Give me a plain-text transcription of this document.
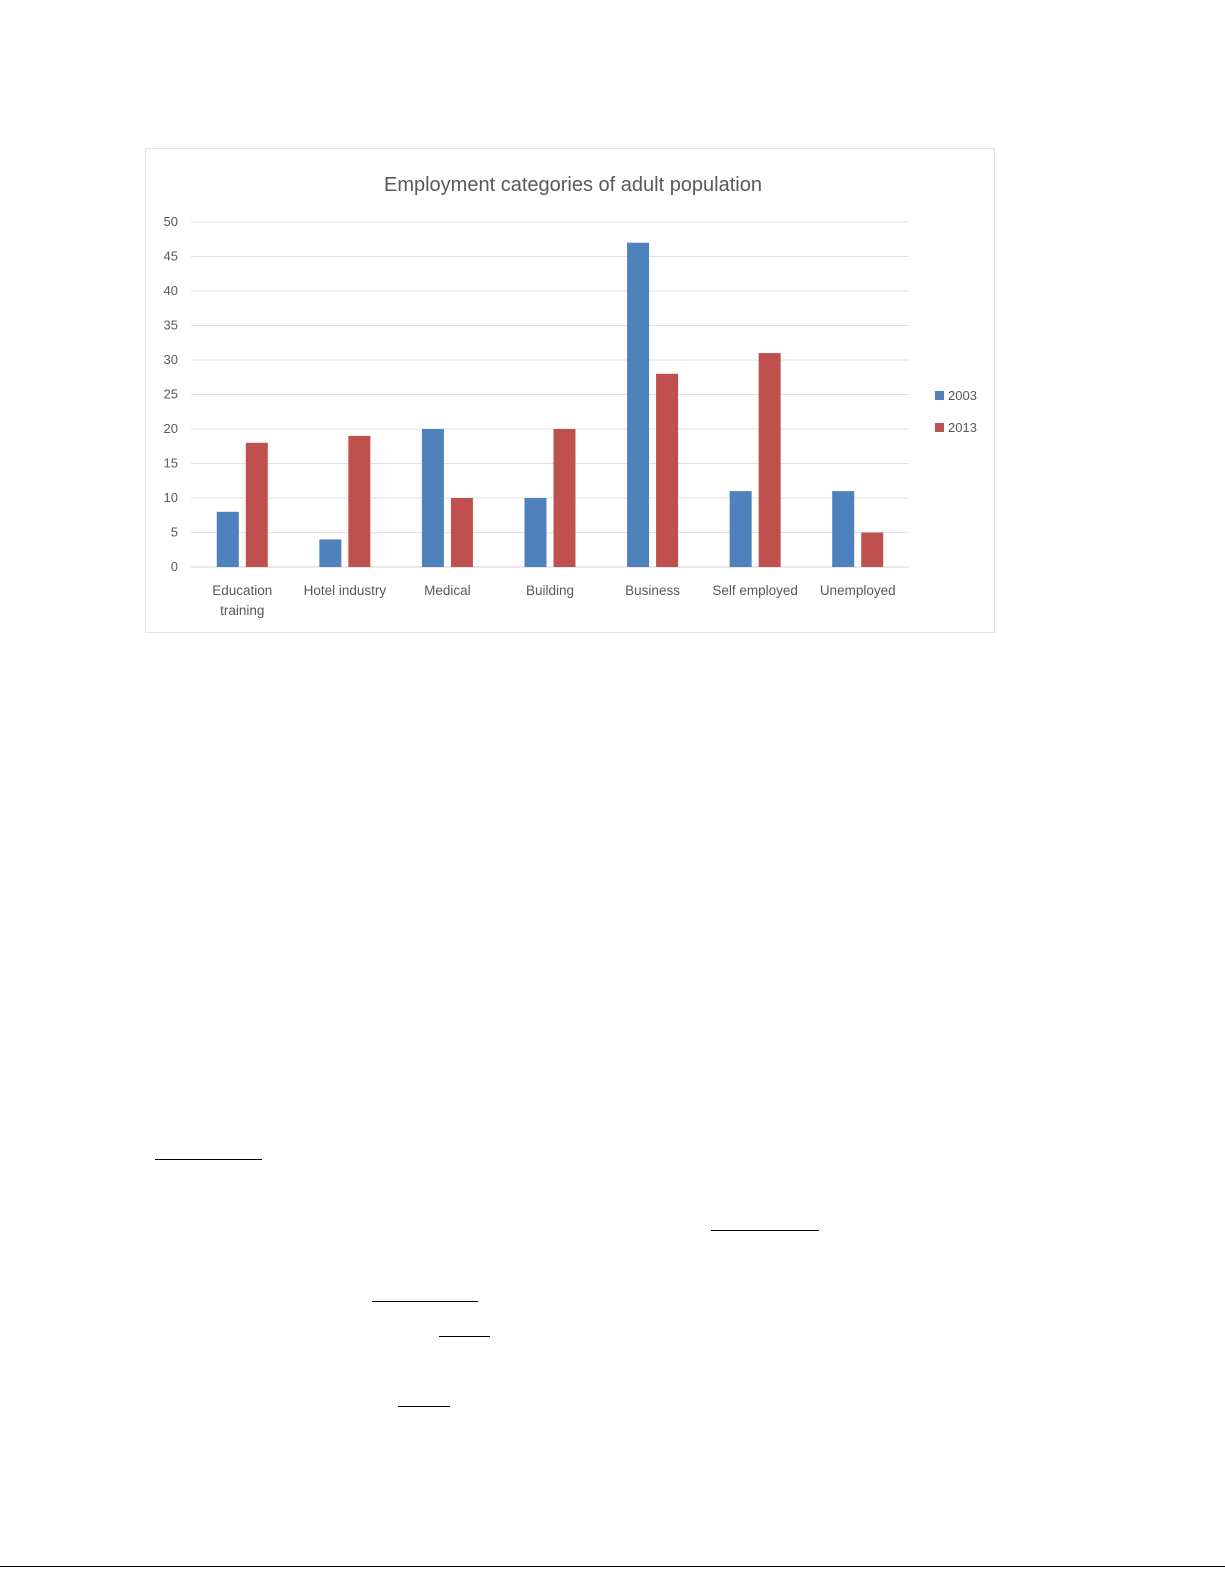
Employment categories of adult population
0
5
10
15
20
25
30
35
40
45
50
Education
training
Hotel industry	Medical	Building	Business Self employed Unemployed
2003
2013
